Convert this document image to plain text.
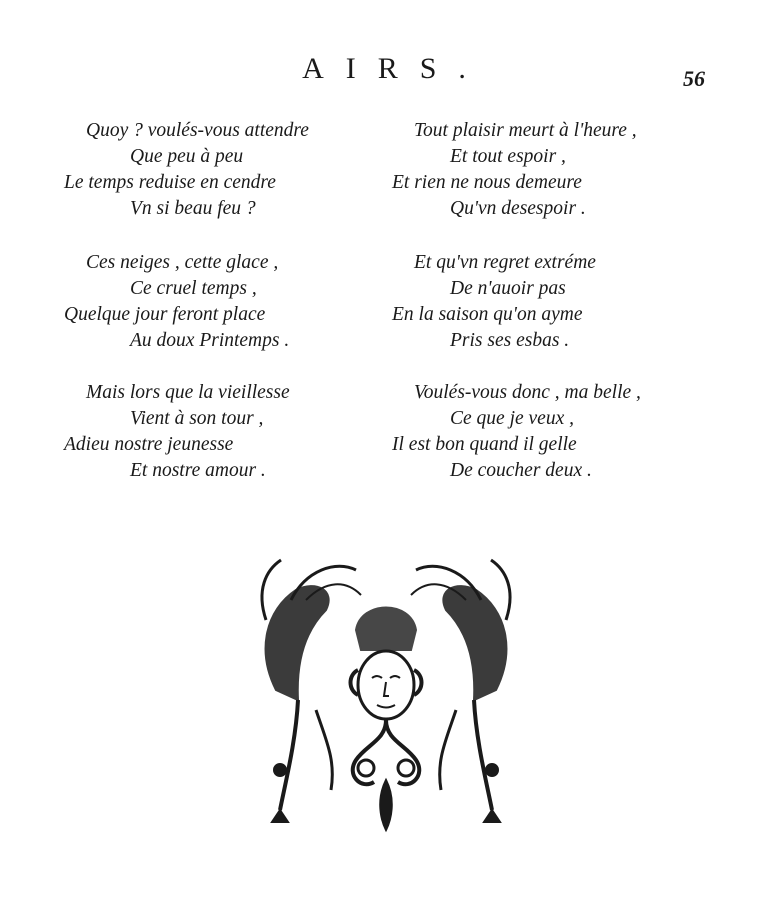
AIRS.	56
Quoy ? voulés-vous attendre
Que peu à peu
Le temps reduise en cendre
Vn si beau feu ?
Ces neiges , cette glace ,
Ce cruel temps ,
Quelque jour feront place
Au doux Printemps .
Mais lors que la vieillesse
Vient à son tour ,
Adieu nostre jeunesse
Et nostre amour .
Tout plaisir meurt à l'heure ,
Et tout espoir ,
Et rien ne nous demeure
Qu'vn desespoir .
Et qu'vn regret extréme
De n'auoir pas
En la saison qu'on ayme
Pris ses esbas .
Voulés-vous donc , ma belle ,
Ce que je veux ,
Il est bon quand il gelle
De coucher deux .
